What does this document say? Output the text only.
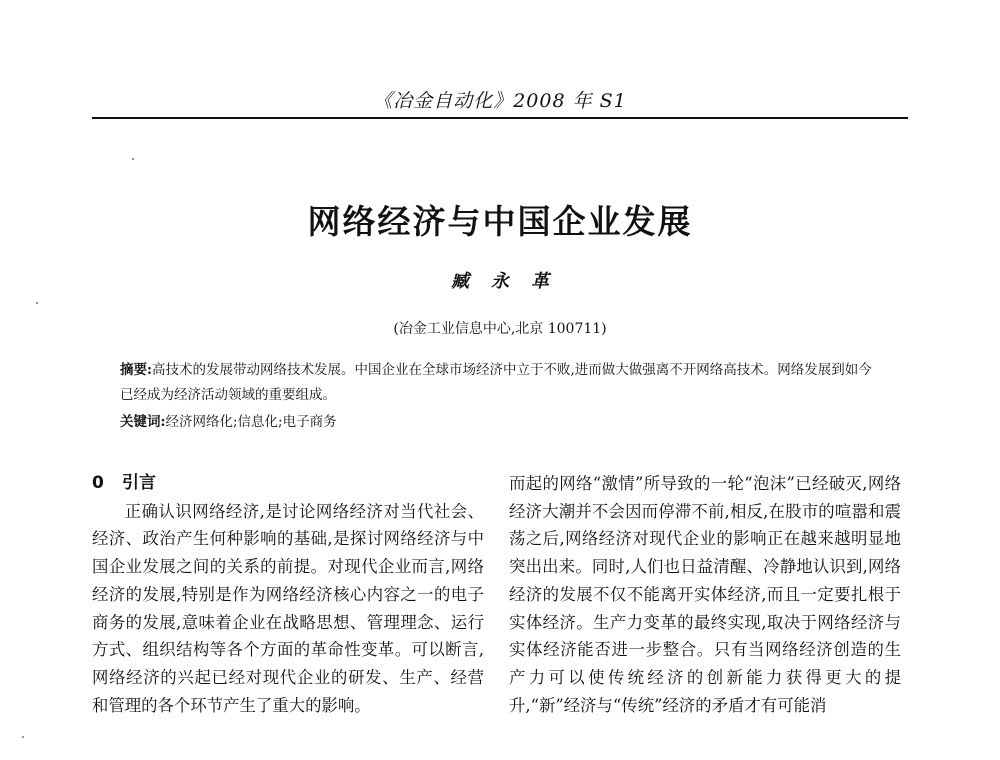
《冶金自动化》2008 年 S1
网络经济与中国企业发展
臧永革
(冶金工业信息中心,北京 100711)
摘要:高技术的发展带动网络技术发展。中国企业在全球市场经济中立于不败,进而做大做强离不开网络高技术。网络发展到如今已经成为经济活动领域的重要组成。
关键词:经济网络化;信息化;电子商务
0 引言

正确认识网络经济,是讨论网络经济对当代社会、经济、政治产生何种影响的基础,是探讨网络经济与中国企业发展之间的关系的前提。对现代企业而言,网络经济的发展,特别是作为网络经济核心内容之一的电子商务的发展,意味着企业在战略思想、管理理念、运行方式、组织结构等各个方面的革命性变革。可以断言,网络经济的兴起已经对现代企业的研发、生产、经营和管理的各个环节产生了重大的影响。

而起的网络“激情”所导致的一轮“泡沫”已经破灭,网络经济大潮并不会因而停滞不前,相反,在股市的喧嚣和震荡之后,网络经济对现代企业的影响正在越来越明显地突出出来。同时,人们也日益清醒、冷静地认识到,网络经济的发展不仅不能离开实体经济,而且一定要扎根于实体经济。生产力变革的最终实现,取决于网络经济与实体经济能否进一步整合。只有当网络经济创造的生产力可以使传统经济的创新能力获得更大的提升,“新”经济与“传统”经济的矛盾才有可能消
